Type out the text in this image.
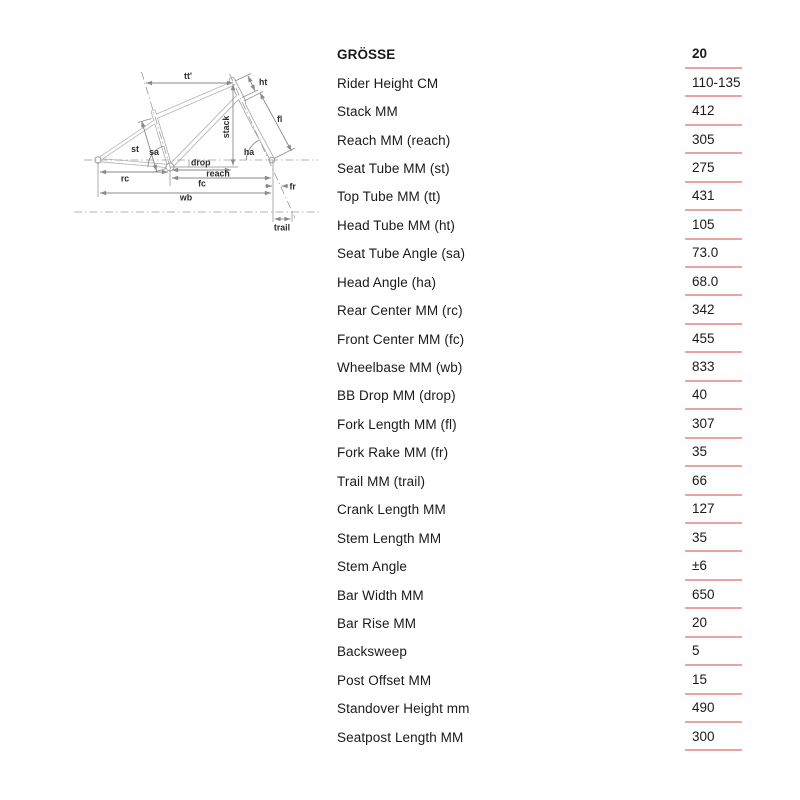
tt'
ht
fl
stack
st sa
drop
ha
reach
rc	fc
wb
fr
trail
GRÖSSE	20
Rider Height CM	110-135
Stack MM	412
Reach MM (reach)	305
Seat Tube MM (st)	275
Top Tube MM (tt)	431
Head Tube MM (ht)	105
Seat Tube Angle (sa)	73.0
Head Angle (ha)	68.0
Rear Center MM (rc)	342
Front Center MM (fc)	455
Wheelbase MM (wb)	833
BB Drop MM (drop)	40
Fork Length MM (fl)	307
Fork Rake MM (fr)	35
Trail MM (trail)	66
Crank Length MM	127
Stem Length MM	35
Stem Angle	±6
Bar Width MM	650
Bar Rise MM	20
Backsweep	5
Post Offset MM	15
Standover Height mm	490
Seatpost Length MM	300
